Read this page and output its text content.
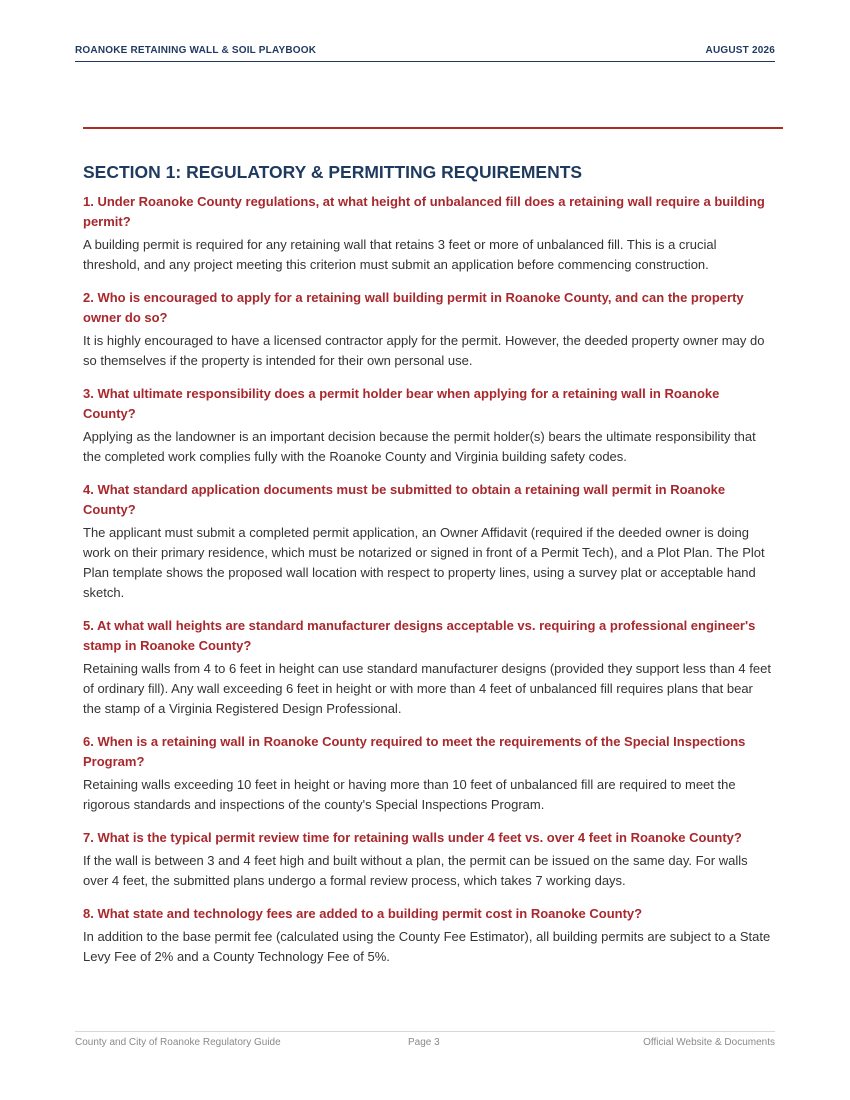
ROANOKE RETAINING WALL & SOIL PLAYBOOK	AUGUST 2026
SECTION 1: REGULATORY & PERMITTING REQUIREMENTS

1. Under Roanoke County regulations, at what height of unbalanced fill does a retaining wall require a building permit?

A building permit is required for any retaining wall that retains 3 feet or more of unbalanced fill. This is a crucial threshold, and any project meeting this criterion must submit an application before commencing construction.

2. Who is encouraged to apply for a retaining wall building permit in Roanoke County, and can the property owner do so?

It is highly encouraged to have a licensed contractor apply for the permit. However, the deeded property owner may do so themselves if the property is intended for their own personal use.

3. What ultimate responsibility does a permit holder bear when applying for a retaining wall in Roanoke County?

Applying as the landowner is an important decision because the permit holder(s) bears the ultimate responsibility that the completed work complies fully with the Roanoke County and Virginia building safety codes.

4. What standard application documents must be submitted to obtain a retaining wall permit in Roanoke County?

The applicant must submit a completed permit application, an Owner Affidavit (required if the deeded owner is doing work on their primary residence, which must be notarized or signed in front of a Permit Tech), and a Plot Plan. The Plot Plan template shows the proposed wall location with respect to property lines, using a survey plat or acceptable hand sketch.

5. At what wall heights are standard manufacturer designs acceptable vs. requiring a professional engineer's stamp in Roanoke County?

Retaining walls from 4 to 6 feet in height can use standard manufacturer designs (provided they support less than 4 feet of ordinary fill). Any wall exceeding 6 feet in height or with more than 4 feet of unbalanced fill requires plans that bear the stamp of a Virginia Registered Design Professional.

6. When is a retaining wall in Roanoke County required to meet the requirements of the Special Inspections Program?

Retaining walls exceeding 10 feet in height or having more than 10 feet of unbalanced fill are required to meet the rigorous standards and inspections of the county's Special Inspections Program.

7. What is the typical permit review time for retaining walls under 4 feet vs. over 4 feet in Roanoke County?

If the wall is between 3 and 4 feet high and built without a plan, the permit can be issued on the same day. For walls over 4 feet, the submitted plans undergo a formal review process, which takes 7 working days.

8. What state and technology fees are added to a building permit cost in Roanoke County?

In addition to the base permit fee (calculated using the County Fee Estimator), all building permits are subject to a State Levy Fee of 2% and a County Technology Fee of 5%.

County and City of Roanoke Regulatory Guide	Page 3	Official Website & Documents
